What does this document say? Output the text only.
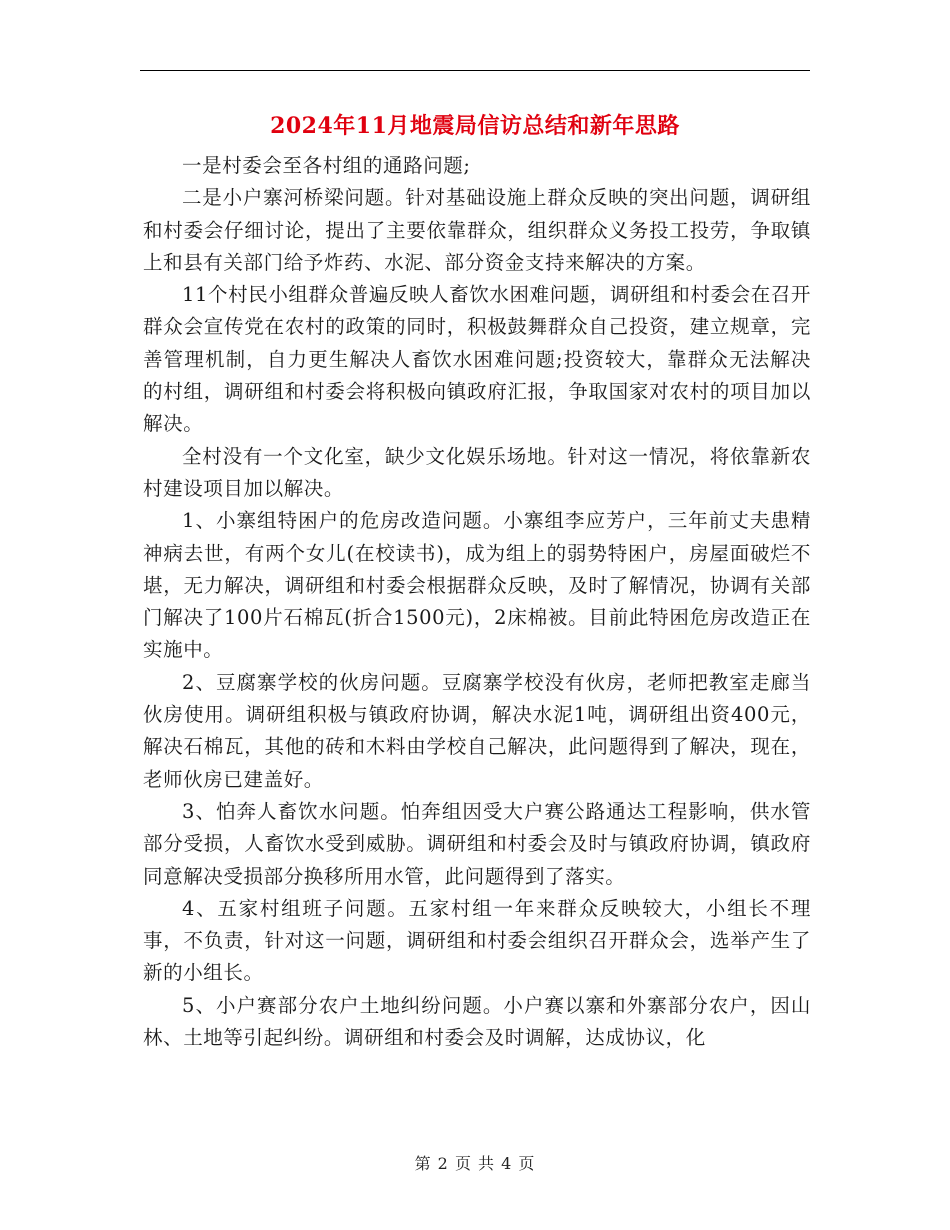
2024年11月地震局信访总结和新年思路

一是村委会至各村组的通路问题;

二是小户寨河桥梁问题。针对基础设施上群众反映的突出问题，调研组和村委会仔细讨论，提出了主要依靠群众，组织群众义务投工投劳，争取镇上和县有关部门给予炸药、水泥、部分资金支持来解决的方案。

11个村民小组群众普遍反映人畜饮水困难问题，调研组和村委会在召开群众会宣传党在农村的政策的同时，积极鼓舞群众自己投资，建立规章，完善管理机制，自力更生解决人畜饮水困难问题;投资较大，靠群众无法解决的村组，调研组和村委会将积极向镇政府汇报，争取国家对农村的项目加以解决。

全村没有一个文化室，缺少文化娱乐场地。针对这一情况，将依靠新农村建设项目加以解决。

1、小寨组特困户的危房改造问题。小寨组李应芳户，三年前丈夫患精神病去世，有两个女儿(在校读书)，成为组上的弱势特困户，房屋面破烂不堪，无力解决，调研组和村委会根据群众反映，及时了解情况，协调有关部门解决了100片石棉瓦(折合1500元)，2床棉被。目前此特困危房改造正在实施中。

2、豆腐寨学校的伙房问题。豆腐寨学校没有伙房，老师把教室走廊当伙房使用。调研组积极与镇政府协调，解决水泥1吨，调研组出资400元，解决石棉瓦，其他的砖和木料由学校自己解决，此问题得到了解决，现在，老师伙房已建盖好。

3、怕奔人畜饮水问题。怕奔组因受大户赛公路通达工程影响，供水管部分受损，人畜饮水受到威胁。调研组和村委会及时与镇政府协调，镇政府同意解决受损部分换移所用水管，此问题得到了落实。

4、五家村组班子问题。五家村组一年来群众反映较大，小组长不理事，不负责，针对这一问题，调研组和村委会组织召开群众会，选举产生了新的小组长。

5、小户赛部分农户土地纠纷问题。小户赛以寨和外寨部分农户，因山林、土地等引起纠纷。调研组和村委会及时调解，达成协议，化

第 2 页 共 4 页
